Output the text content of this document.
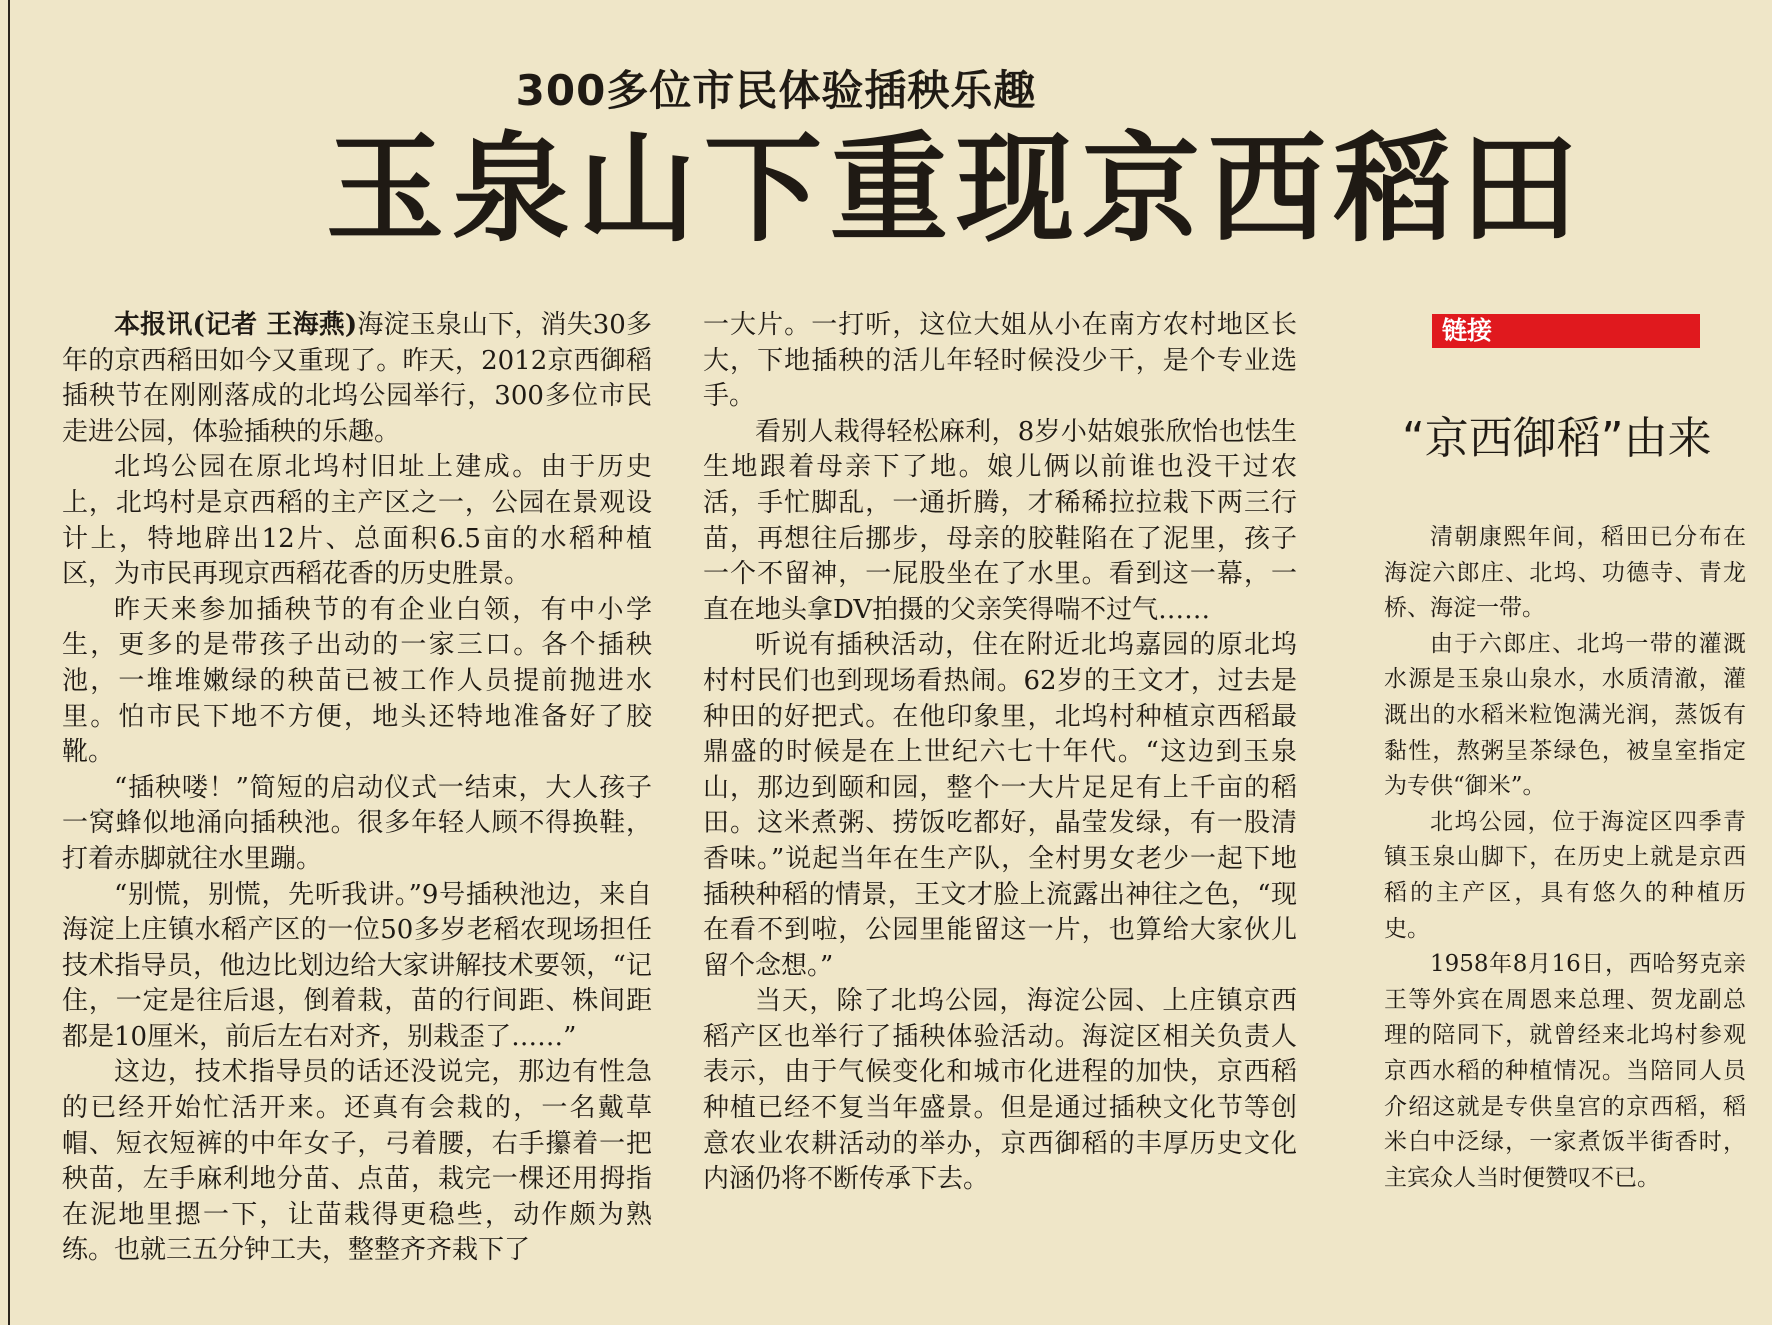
300多位市民体验插秧乐趣
玉泉山下重现京西稻田

本报讯(记者 王海燕)海淀玉泉山下，消失30多年的京西稻田如今又重现了。昨天，2012京西御稻插秧节在刚刚落成的北坞公园举行，300多位市民走进公园，体验插秧的乐趣。

北坞公园在原北坞村旧址上建成。由于历史上，北坞村是京西稻的主产区之一，公园在景观设计上，特地辟出12片、总面积6.5亩的水稻种植区，为市民再现京西稻花香的历史胜景。

昨天来参加插秧节的有企业白领，有中小学生，更多的是带孩子出动的一家三口。各个插秧池，一堆堆嫩绿的秧苗已被工作人员提前抛进水里。怕市民下地不方便，地头还特地准备好了胶靴。

“插秧喽！”简短的启动仪式一结束，大人孩子一窝蜂似地涌向插秧池。很多年轻人顾不得换鞋，打着赤脚就往水里蹦。

“别慌，别慌，先听我讲。”9号插秧池边，来自海淀上庄镇水稻产区的一位50多岁老稻农现场担任技术指导员，他边比划边给大家讲解技术要领，“记住，一定是往后退，倒着栽，苗的行间距、株间距都是10厘米，前后左右对齐，别栽歪了……”

这边，技术指导员的话还没说完，那边有性急的已经开始忙活开来。还真有会栽的，一名戴草帽、短衣短裤的中年女子，弓着腰，右手攥着一把秧苗，左手麻利地分苗、点苗，栽完一棵还用拇指在泥地里摁一下，让苗栽得更稳些，动作颇为熟练。也就三五分钟工夫，整整齐齐栽下了

一大片。一打听，这位大姐从小在南方农村地区长大，下地插秧的活儿年轻时候没少干，是个专业选手。

看别人栽得轻松麻利，8岁小姑娘张欣怡也怯生生地跟着母亲下了地。娘儿俩以前谁也没干过农活，手忙脚乱，一通折腾，才稀稀拉拉栽下两三行苗，再想往后挪步，母亲的胶鞋陷在了泥里，孩子一个不留神，一屁股坐在了水里。看到这一幕，一直在地头拿DV拍摄的父亲笑得喘不过气……

听说有插秧活动，住在附近北坞嘉园的原北坞村村民们也到现场看热闹。62岁的王文才，过去是种田的好把式。在他印象里，北坞村种植京西稻最鼎盛的时候是在上世纪六七十年代。“这边到玉泉山，那边到颐和园，整个一大片足足有上千亩的稻田。这米煮粥、捞饭吃都好，晶莹发绿，有一股清香味。”说起当年在生产队，全村男女老少一起下地插秧种稻的情景，王文才脸上流露出神往之色，“现在看不到啦，公园里能留这一片，也算给大家伙儿留个念想。”

当天，除了北坞公园，海淀公园、上庄镇京西稻产区也举行了插秧体验活动。海淀区相关负责人表示，由于气候变化和城市化进程的加快，京西稻种植已经不复当年盛景。但是通过插秧文化节等创意农业农耕活动的举办，京西御稻的丰厚历史文化内涵仍将不断传承下去。

链接
“京西御稻”由来

清朝康熙年间，稻田已分布在海淀六郎庄、北坞、功德寺、青龙桥、海淀一带。

由于六郎庄、北坞一带的灌溉水源是玉泉山泉水，水质清澈，灌溉出的水稻米粒饱满光润，蒸饭有黏性，熬粥呈茶绿色，被皇室指定为专供“御米”。

北坞公园，位于海淀区四季青镇玉泉山脚下，在历史上就是京西稻的主产区，具有悠久的种植历史。

1958年8月16日，西哈努克亲王等外宾在周恩来总理、贺龙副总理的陪同下，就曾经来北坞村参观京西水稻的种植情况。当陪同人员介绍这就是专供皇宫的京西稻，稻米白中泛绿，一家煮饭半街香时，主宾众人当时便赞叹不已。
